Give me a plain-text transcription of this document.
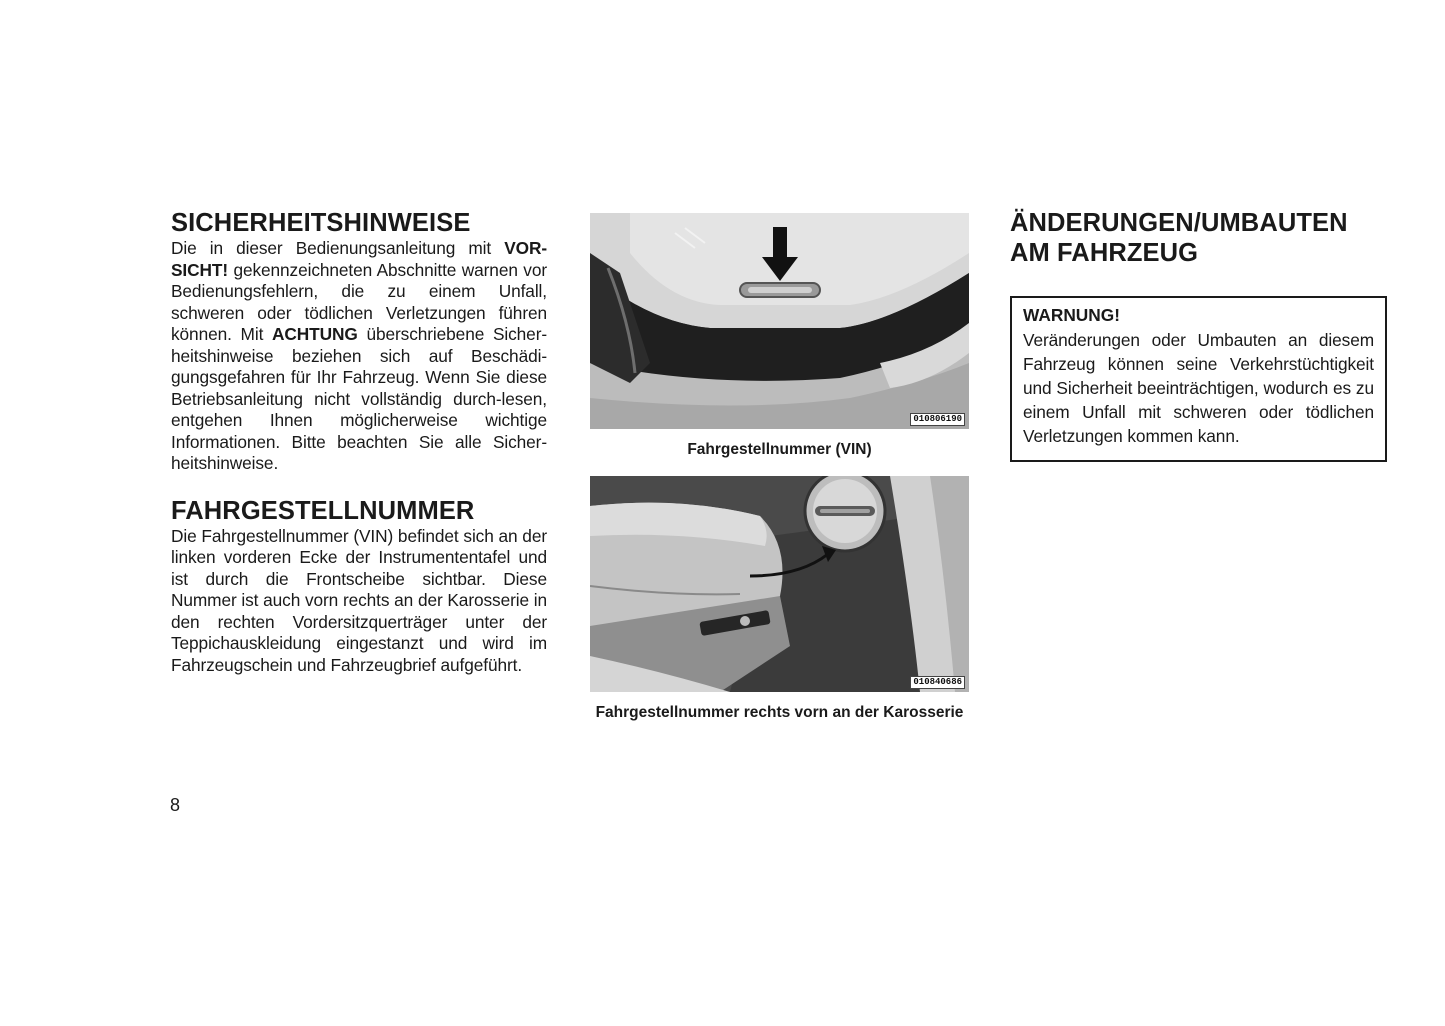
SICHERHEITSHINWEISE

Die in dieser Bedienungsanleitung mit VOR-SICHT! gekennzeichneten Abschnitte warnen vor Bedienungsfehlern, die zu einem Unfall, schweren oder tödlichen Verletzungen führen können. Mit ACHTUNG überschriebene Sicher-heitshinweise beziehen sich auf Beschädi-gungsgefahren für Ihr Fahrzeug. Wenn Sie diese Betriebsanleitung nicht vollständig durch-lesen, entgehen Ihnen möglicherweise wichtige Informationen. Bitte beachten Sie alle Sicher-heitshinweise.

FAHRGESTELLNUMMER

Die Fahrgestellnummer (VIN) befindet sich an der linken vorderen Ecke der Instrumententafel und ist durch die Frontscheibe sichtbar. Diese Nummer ist auch vorn rechts an der Karosserie in den rechten Vordersitzquerträger unter der Teppichauskleidung eingestanzt und wird im Fahrzeugschein und Fahrzeugbrief aufgeführt.

010806190

Fahrgestellnummer (VIN)

010840686

Fahrgestellnummer rechts vorn an der Karosserie

ÄNDERUNGEN/UMBAUTEN AM FAHRZEUG

WARNUNG!

Veränderungen oder Umbauten an diesem Fahrzeug können seine Verkehrstüchtigkeit und Sicherheit beeinträchtigen, wodurch es zu einem Unfall mit schweren oder tödlichen Verletzungen kommen kann.

8
